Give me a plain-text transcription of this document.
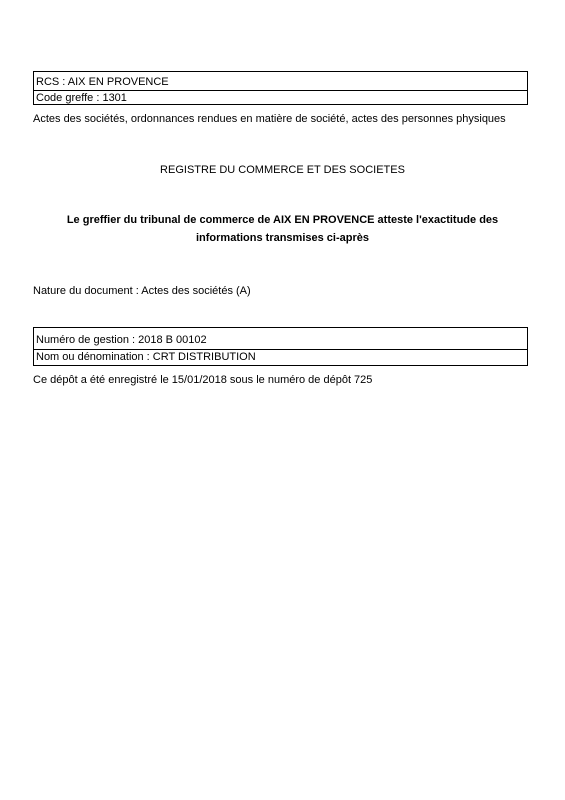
RCS : AIX EN PROVENCE
Code greffe : 1301
Actes des sociétés, ordonnances rendues en matière de société, actes des personnes physiques
REGISTRE DU COMMERCE ET DES SOCIETES
Le greffier du tribunal de commerce de AIX EN PROVENCE atteste l'exactitude des
informations transmises ci-après
Nature du document : Actes des sociétés (A)
Numéro de gestion : 2018 B 00102
Nom ou dénomination : CRT DISTRIBUTION
Ce dépôt a été enregistré le 15/01/2018 sous le numéro de dépôt 725
